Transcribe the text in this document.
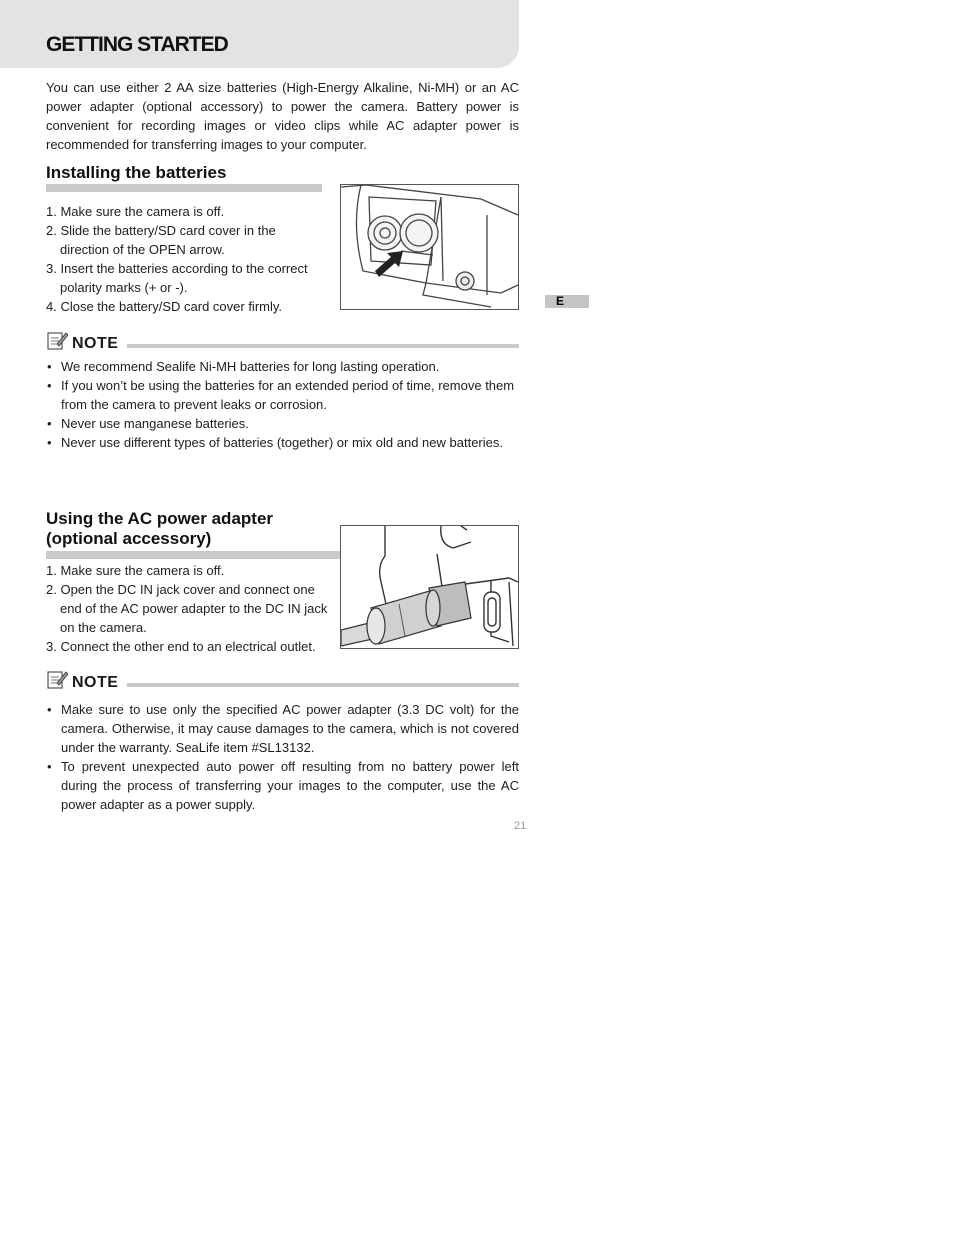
GETTING STARTED

You can use either 2 AA size batteries (High-Energy Alkaline, Ni-MH) or an AC power adapter (optional accessory) to power the camera. Battery power is convenient for recording images or video clips while AC adapter power is recommended for transferring images to your computer.

Installing the batteries
1. Make sure the camera is off.
2. Slide the battery/SD card cover in the direction of the OPEN arrow.
3. Insert the batteries according to the correct polarity marks (+ or -).
4. Close the battery/SD card cover firmly.
NOTE
• We recommend Sealife Ni-MH batteries for long lasting operation.
• If you won’t be using the batteries for an extended period of time, remove them from the camera to prevent leaks or corrosion.
• Never use manganese batteries.
• Never use different types of batteries (together) or mix old and new batteries.
Using the AC power adapter
(optional accessory)
1. Make sure the camera is off.
2. Open the DC IN jack cover and connect one end of the AC power adapter to the DC IN jack on the camera.
3. Connect the other end to an electrical outlet.
NOTE
• Make sure to use only the specified AC power adapter (3.3 DC volt) for the camera. Otherwise, it may cause damages to the camera, which is not covered under the warranty. SeaLife item #SL13132.
• To prevent unexpected auto power off resulting from no battery power left during the process of transferring your images to the computer, use the AC power adapter as a power supply.
E
21
